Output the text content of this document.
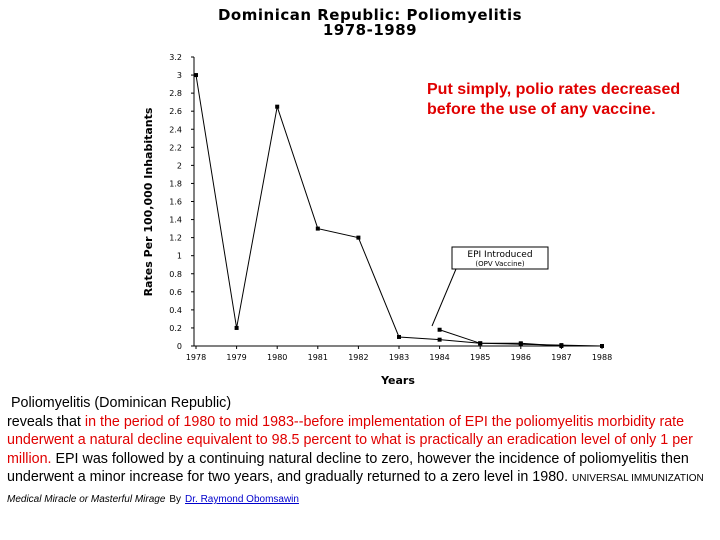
Dominican Republic: Poliomyelitis
1978-1989
0
0.2
0.4
0.6
0.8
1
1.2
1.4
1.6
1.8
2
2.2
2.4
2.6
2.8
3
3.2
1978	1979	1980	1981	1982	1983	1984	1985	1986	1987	1988
Rates Per 100,000 Inhabitants
Years
EPI Introduced
(OPV Vaccine)
Put simply, polio rates decreased before the use of any vaccine.
Poliomyelitis (Dominican Republic)
reveals that in the period of 1980 to mid 1983--before implementation of EPI the poliomyelitis morbidity rate underwent a natural decline equivalent to 98.5 percent to what is practically an eradication level of only 1 per million. EPI was followed by a continuing natural decline to zero, however the incidence of poliomyelitis then underwent a minor increase for two years, and gradually returned to a zero level in 1980. UNIVERSAL IMMUNIZATION Medical Miracle or Masterful Mirage By Dr. Raymond Obomsawin
